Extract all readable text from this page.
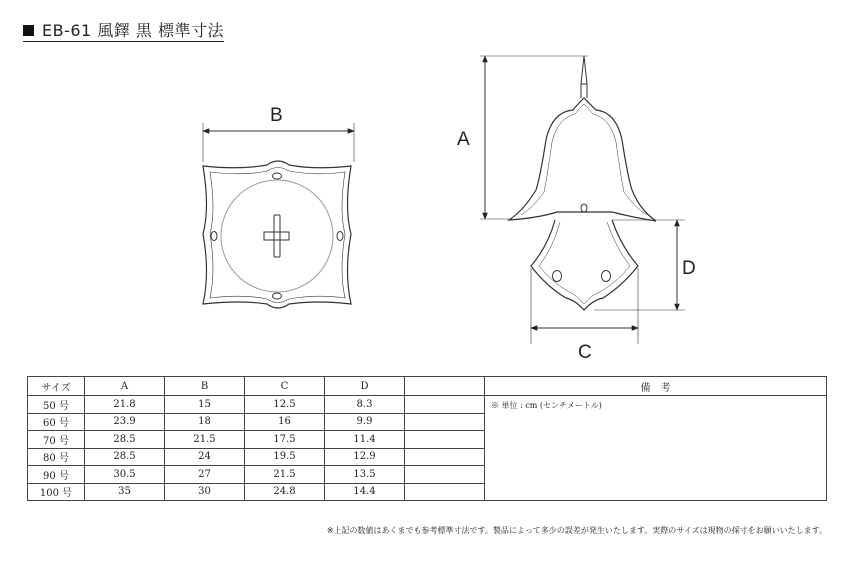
EB-61 風鐸 黒 標準寸法
B
A
D
C
サイズ	A	B	C	D		備　考
50 号	21.8	15	12.5	8.3		※ 単位 : cm (センチメートル)
60 号	23.9	18	16	9.9		
70 号	28.5	21.5	17.5	11.4		
80 号	28.5	24	19.5	12.9		
90 号	30.5	27	21.5	13.5		
100 号	35	30	24.8	14.4		
※上記の数値はあくまでも参考標準寸法です。製品によって多少の誤差が発生いたします。実際のサイズは現物の採寸をお願いいたします。
